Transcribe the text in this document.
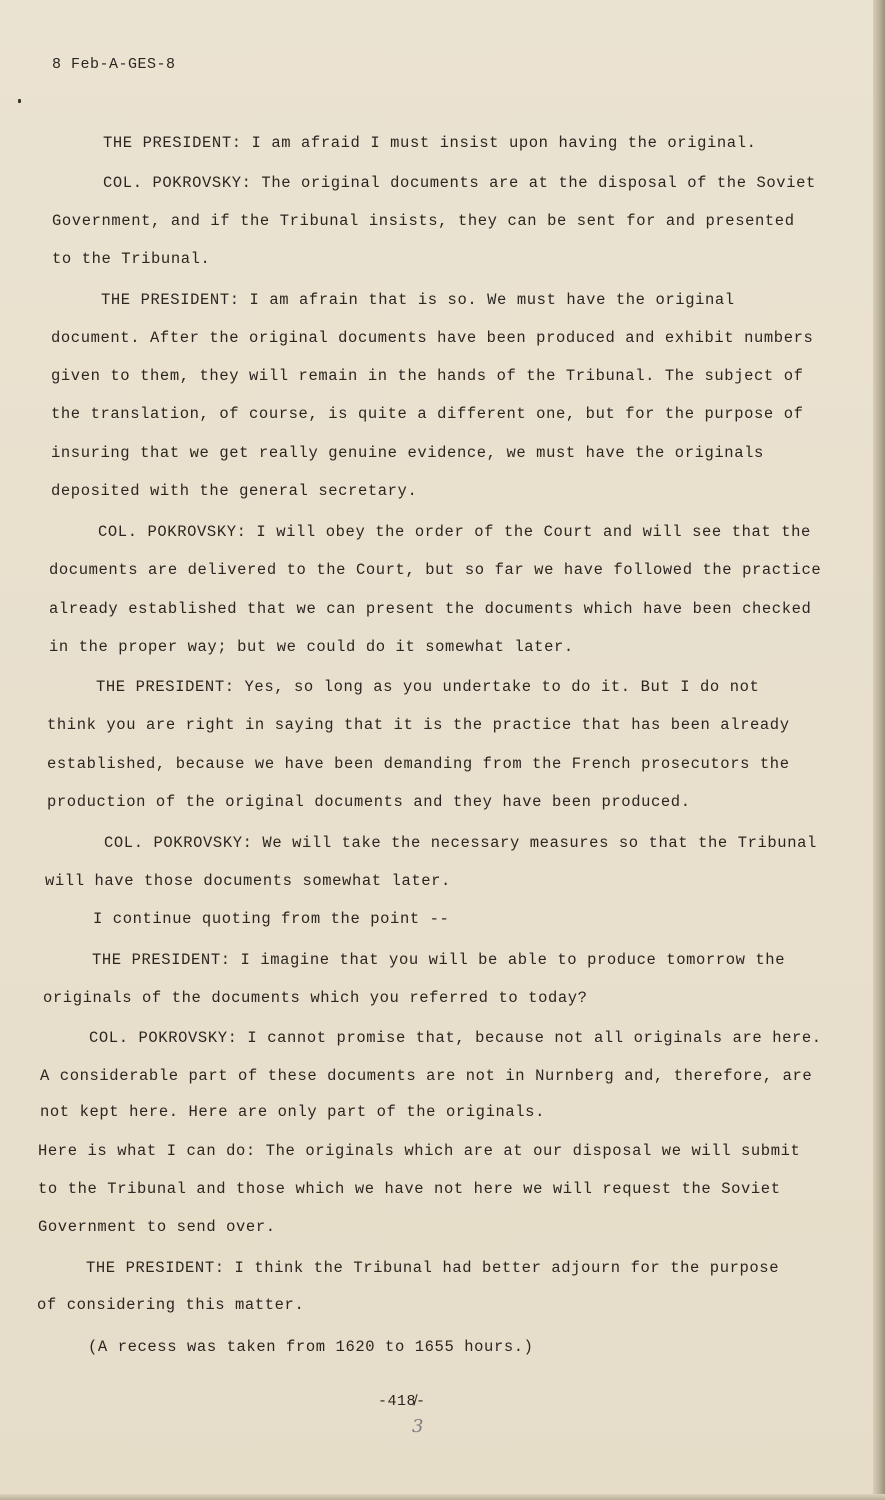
8 Feb-A-GES-8
THE PRESIDENT: I am afraid I must insist upon having the original.
COL. POKROVSKY: The original documents are at the disposal of the Soviet
Government, and if the Tribunal insists, they can be sent for and presented
to the Tribunal.
THE PRESIDENT: I am afrain that is so. We must have the original
document. After the original documents have been produced and exhibit numbers
given to them, they will remain in the hands of the Tribunal. The subject of
the translation, of course, is quite a different one, but for the purpose of
insuring that we get really genuine evidence, we must have the originals
deposited with the general secretary.
COL. POKROVSKY: I will obey the order of the Court and will see that the
documents are delivered to the Court, but so far we have followed the practice
already established that we can present the documents which have been checked
in the proper way; but we could do it somewhat later.
THE PRESIDENT: Yes, so long as you undertake to do it. But I do not
think you are right in saying that it is the practice that has been already
established, because we have been demanding from the French prosecutors the
production of the original documents and they have been produced.
COL. POKROVSKY: We will take the necessary measures so that the Tribunal
will have those documents somewhat later.
I continue quoting from the point --
THE PRESIDENT: I imagine that you will be able to produce tomorrow the
originals of the documents which you referred to today?
COL. POKROVSKY: I cannot promise that, because not all originals are here.
A considerable part of these documents are not in Nurnberg and, therefore, are
not kept here. Here are only part of the originals.
Here is what I can do: The originals which are at our disposal we will submit
to the Tribunal and those which we have not here we will request the Soviet
Government to send over.
THE PRESIDENT: I think the Tribunal had better adjourn for the purpose
of considering this matter.
(A recess was taken from 1620 to 1655 hours.)
-418̸-
3
